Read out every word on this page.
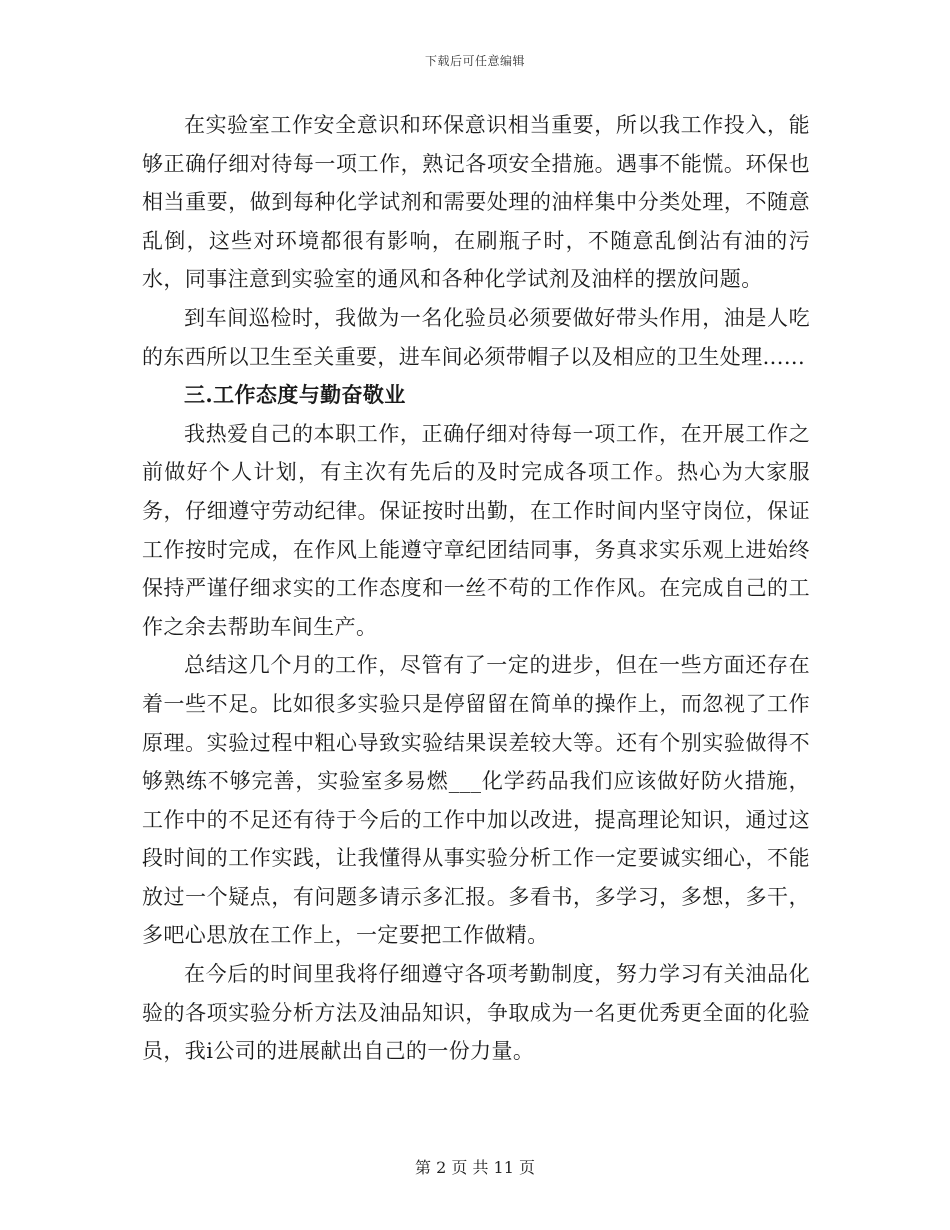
下载后可任意编辑

在实验室工作安全意识和环保意识相当重要，所以我工作投入，能够正确仔细对待每一项工作，熟记各项安全措施。遇事不能慌。环保也相当重要，做到每种化学试剂和需要处理的油样集中分类处理，不随意乱倒，这些对环境都很有影响，在刷瓶子时，不随意乱倒沾有油的污水，同事注意到实验室的通风和各种化学试剂及油样的摆放问题。

到车间巡检时，我做为一名化验员必须要做好带头作用，油是人吃的东西所以卫生至关重要，进车间必须带帽子以及相应的卫生处理......

三.工作态度与勤奋敬业

我热爱自己的本职工作，正确仔细对待每一项工作，在开展工作之前做好个人计划，有主次有先后的及时完成各项工作。热心为大家服务，仔细遵守劳动纪律。保证按时出勤，在工作时间内坚守岗位，保证工作按时完成，在作风上能遵守章纪团结同事，务真求实乐观上进始终保持严谨仔细求实的工作态度和一丝不苟的工作作风。在完成自己的工作之余去帮助车间生产。

总结这几个月的工作，尽管有了一定的进步，但在一些方面还存在着一些不足。比如很多实验只是停留留在简单的操作上，而忽视了工作原理。实验过程中粗心导致实验结果误差较大等。还有个别实验做得不够熟练不够完善，实验室多易燃___化学药品我们应该做好防火措施，工作中的不足还有待于今后的工作中加以改进，提高理论知识，通过这段时间的工作实践，让我懂得从事实验分析工作一定要诚实细心，不能放过一个疑点，有问题多请示多汇报。多看书，多学习，多想，多干，多吧心思放在工作上，一定要把工作做精。

在今后的时间里我将仔细遵守各项考勤制度，努力学习有关油品化验的各项实验分析方法及油品知识，争取成为一名更优秀更全面的化验员，我i公司的进展献出自己的一份力量。

第 2 页 共 11 页
